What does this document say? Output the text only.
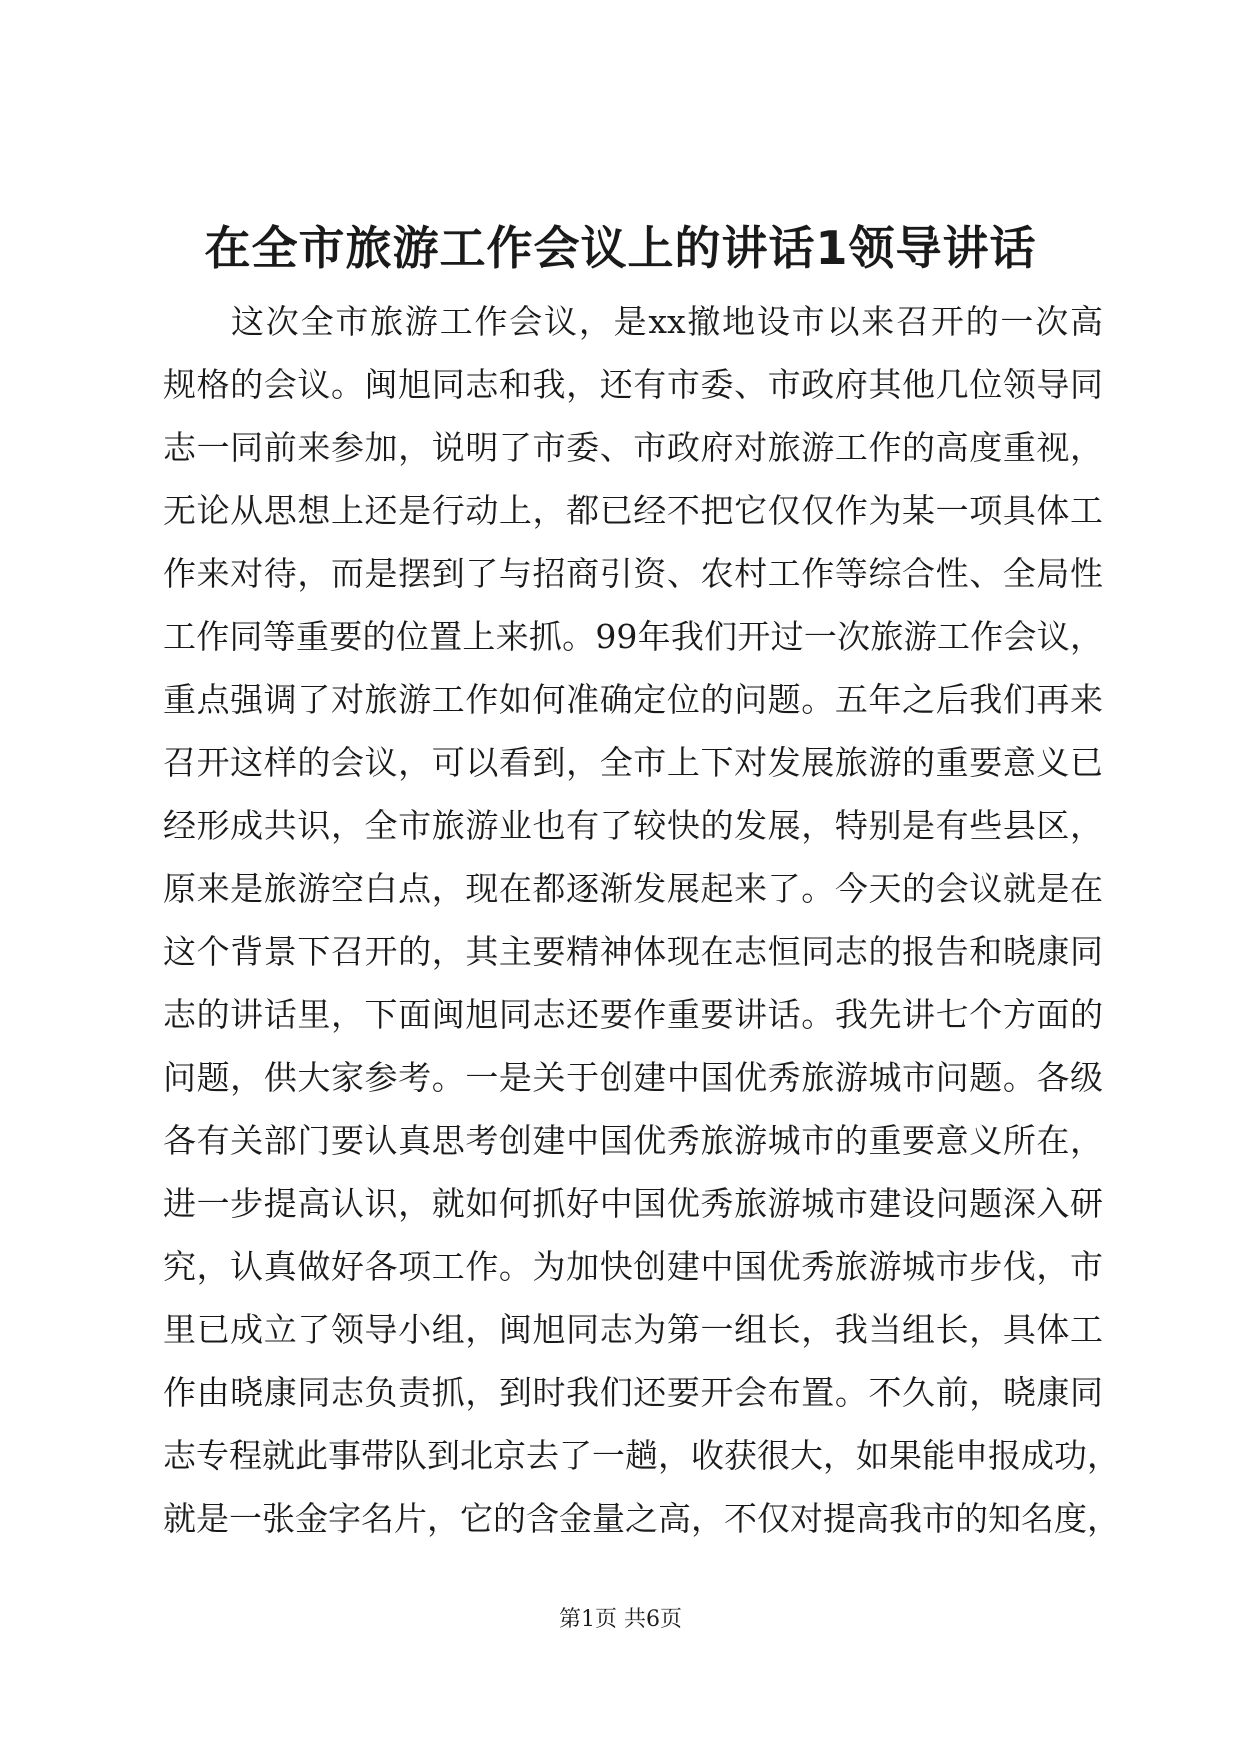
在全市旅游工作会议上的讲话1领导讲话
这次全市旅游工作会议，是xx撤地设市以来召开的一次高
规格的会议。闽旭同志和我，还有市委、市政府其他几位领导同
志一同前来参加，说明了市委、市政府对旅游工作的高度重视，
无论从思想上还是行动上，都已经不把它仅仅作为某一项具体工
作来对待，而是摆到了与招商引资、农村工作等综合性、全局性
工作同等重要的位置上来抓。99年我们开过一次旅游工作会议，
重点强调了对旅游工作如何准确定位的问题。五年之后我们再来
召开这样的会议，可以看到，全市上下对发展旅游的重要意义已
经形成共识，全市旅游业也有了较快的发展，特别是有些县区，
原来是旅游空白点，现在都逐渐发展起来了。今天的会议就是在
这个背景下召开的，其主要精神体现在志恒同志的报告和晓康同
志的讲话里，下面闽旭同志还要作重要讲话。我先讲七个方面的
问题，供大家参考。一是关于创建中国优秀旅游城市问题。各级
各有关部门要认真思考创建中国优秀旅游城市的重要意义所在，
进一步提高认识，就如何抓好中国优秀旅游城市建设问题深入研
究，认真做好各项工作。为加快创建中国优秀旅游城市步伐，市
里已成立了领导小组，闽旭同志为第一组长，我当组长，具体工
作由晓康同志负责抓，到时我们还要开会布置。不久前，晓康同
志专程就此事带队到北京去了一趟，收获很大，如果能申报成功，
就是一张金字名片，它的含金量之高，不仅对提高我市的知名度，
第1页 共6页
